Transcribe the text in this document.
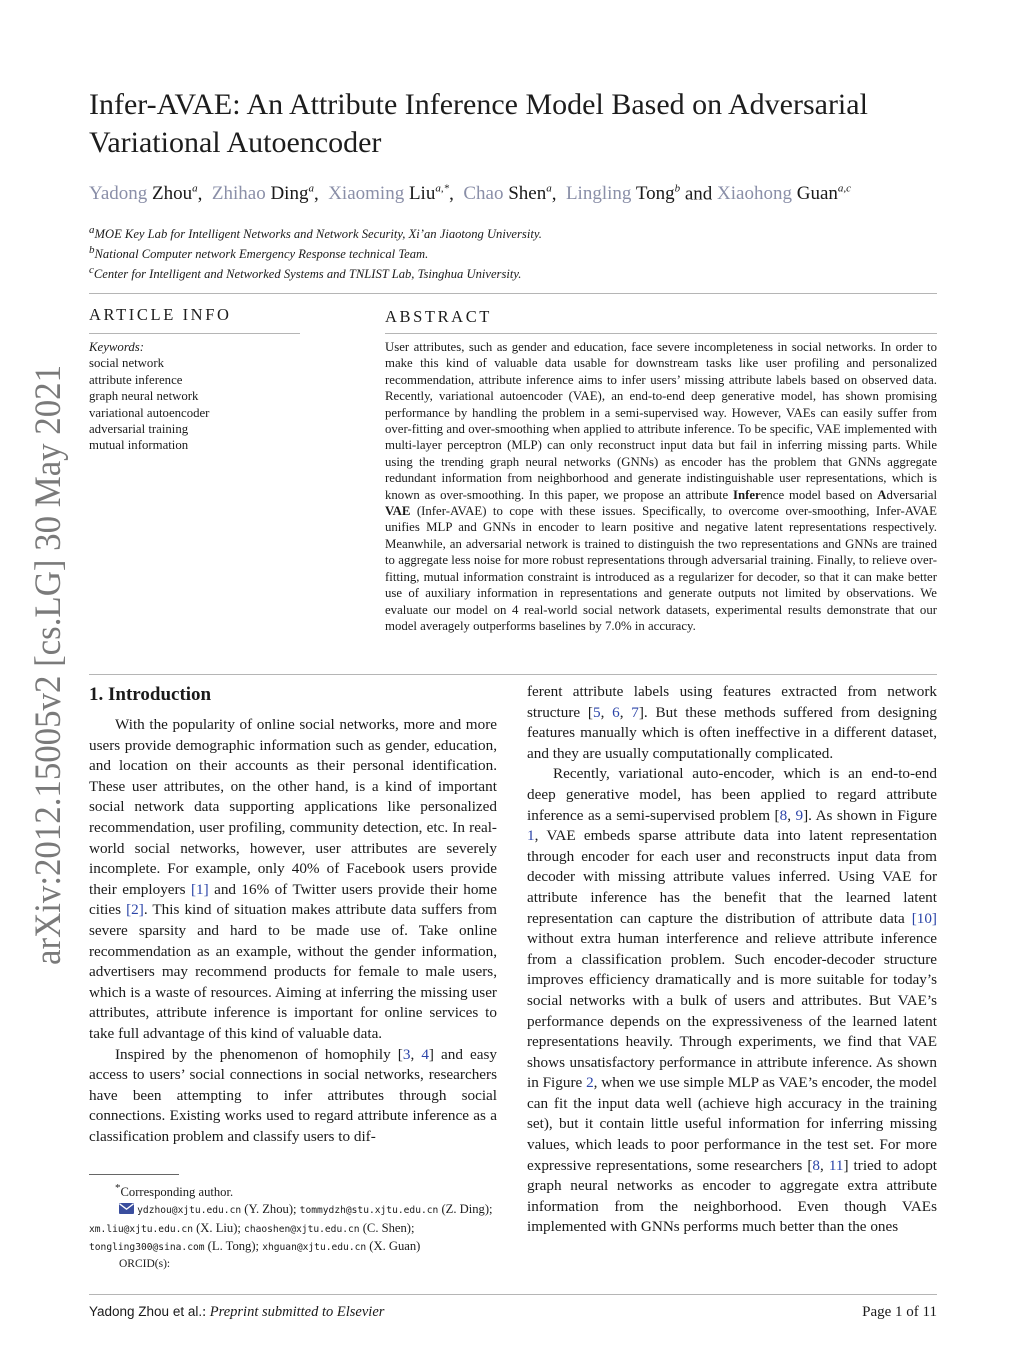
arXiv:2012.15005v2 [cs.LG] 30 May 2021
Infer-AVAE: An Attribute Inference Model Based on Adversarial Variational Autoencoder
Yadong Zhou$^a$,  Zhihao Ding$^a$,  Xiaoming Liu$^{a,*}$,  Chao Shen$^a$,  Lingling Tong$^b$ and Xiaohong Guan$^{a,c}$
$^a$MOE Key Lab for Intelligent Networks and Network Security, Xi’an Jiaotong University.
$^b$National Computer network Emergency Response technical Team.
$^c$Center for Intelligent and Networked Systems and TNLIST Lab, Tsinghua University.
ARTICLE INFO
Keywords:
social network
attribute inference
graph neural network
variational autoencoder
adversarial training
mutual information
ABSTRACT
User attributes, such as gender and education, face severe incompleteness in social networks. In order to make this kind of valuable data usable for downstream tasks like user profiling and personalized recommendation, attribute inference aims to infer users’ missing attribute labels based on observed data. Recently, variational autoencoder (VAE), an end-to-end deep generative model, has shown promising performance by handling the problem in a semi-supervised way. However, VAEs can easily suffer from over-fitting and over-smoothing when applied to attribute inference. To be specific, VAE implemented with multi-layer perceptron (MLP) can only reconstruct input data but fail in inferring missing parts. While using the trending graph neural networks (GNNs) as encoder has the problem that GNNs aggregate redundant information from neighborhood and generate indistinguishable user representations, which is known as over-smoothing. In this paper, we propose an attribute Inference model based on Adversarial VAE (Infer-AVAE) to cope with these issues. Specifically, to overcome over-smoothing, Infer-AVAE unifies MLP and GNNs in encoder to learn positive and negative latent representations respectively. Meanwhile, an adversarial network is trained to distinguish the two representations and GNNs are trained to aggregate less noise for more robust representations through adversarial training. Finally, to relieve over-fitting, mutual information constraint is introduced as a regularizer for decoder, so that it can make better use of auxiliary information in representations and generate outputs not limited by observations. We evaluate our model on 4 real-world social network datasets, experimental results demonstrate that our model averagely outperforms baselines by 7.0% in accuracy.
1. Introduction

With the popularity of online social networks, more and more users provide demographic information such as gender, education, and location on their accounts as their personal identification. These user attributes, on the other hand, is a kind of important social network data supporting applications like personalized recommendation, user profiling, community detection, etc. In real-world social networks, however, user attributes are severely incomplete. For example, only 40% of Facebook users provide their employers [1] and 16% of Twitter users provide their home cities [2]. This kind of situation makes attribute data suffers from severe sparsity and hard to be made use of. Take online recommendation as an example, without the gender information, advertisers may recommend products for female to male users, which is a waste of resources. Aiming at inferring the missing user attributes, attribute inference is important for online services to take full advantage of this kind of valuable data.

Inspired by the phenomenon of homophily [3, 4] and easy access to users’ social connections in social networks, researchers have been attempting to infer attributes through social connections. Existing works used to regard attribute inference as a classification problem and classify users to dif-

ferent attribute labels using features extracted from network structure [5, 6, 7]. But these methods suffered from designing features manually which is often ineffective in a different dataset, and they are usually computationally complicated.

Recently, variational auto-encoder, which is an end-to-end deep generative model, has been applied to regard attribute inference as a semi-supervised problem [8, 9]. As shown in Figure 1, VAE embeds sparse attribute data into latent representation through encoder for each user and reconstructs input data from decoder with missing attribute values inferred. Using VAE for attribute inference has the benefit that the learned latent representation can capture the distribution of attribute data [10] without extra human interference and relieve attribute inference from a classification problem. Such encoder-decoder structure improves efficiency dramatically and is more suitable for today’s social networks with a bulk of users and attributes. But VAE’s performance depends on the expressiveness of the learned latent representations heavily. Through experiments, we find that VAE shows unsatisfactory performance in attribute inference. As shown in Figure 2, when we use simple MLP as VAE’s encoder, the model can fit the input data well (achieve high accuracy in the training set), but it contain little useful information for inferring missing values, which leads to poor performance in the test set. For more expressive representations, some researchers [8, 11] tried to adopt graph neural networks as encoder to aggregate extra attribute information from the neighborhood. Even though VAEs implemented with GNNs performs much better than the ones

*Corresponding author.
ydzhou@xjtu.edu.cn (Y. Zhou); tommydzh@stu.xjtu.edu.cn (Z. Ding); xm.liu@xjtu.edu.cn (X. Liu); chaoshen@xjtu.edu.cn (C. Shen); tongling300@sina.com (L. Tong); xhguan@xjtu.edu.cn (X. Guan)
ORCID(s):
Yadong Zhou et al.: Preprint submitted to Elsevier	Page 1 of 11
